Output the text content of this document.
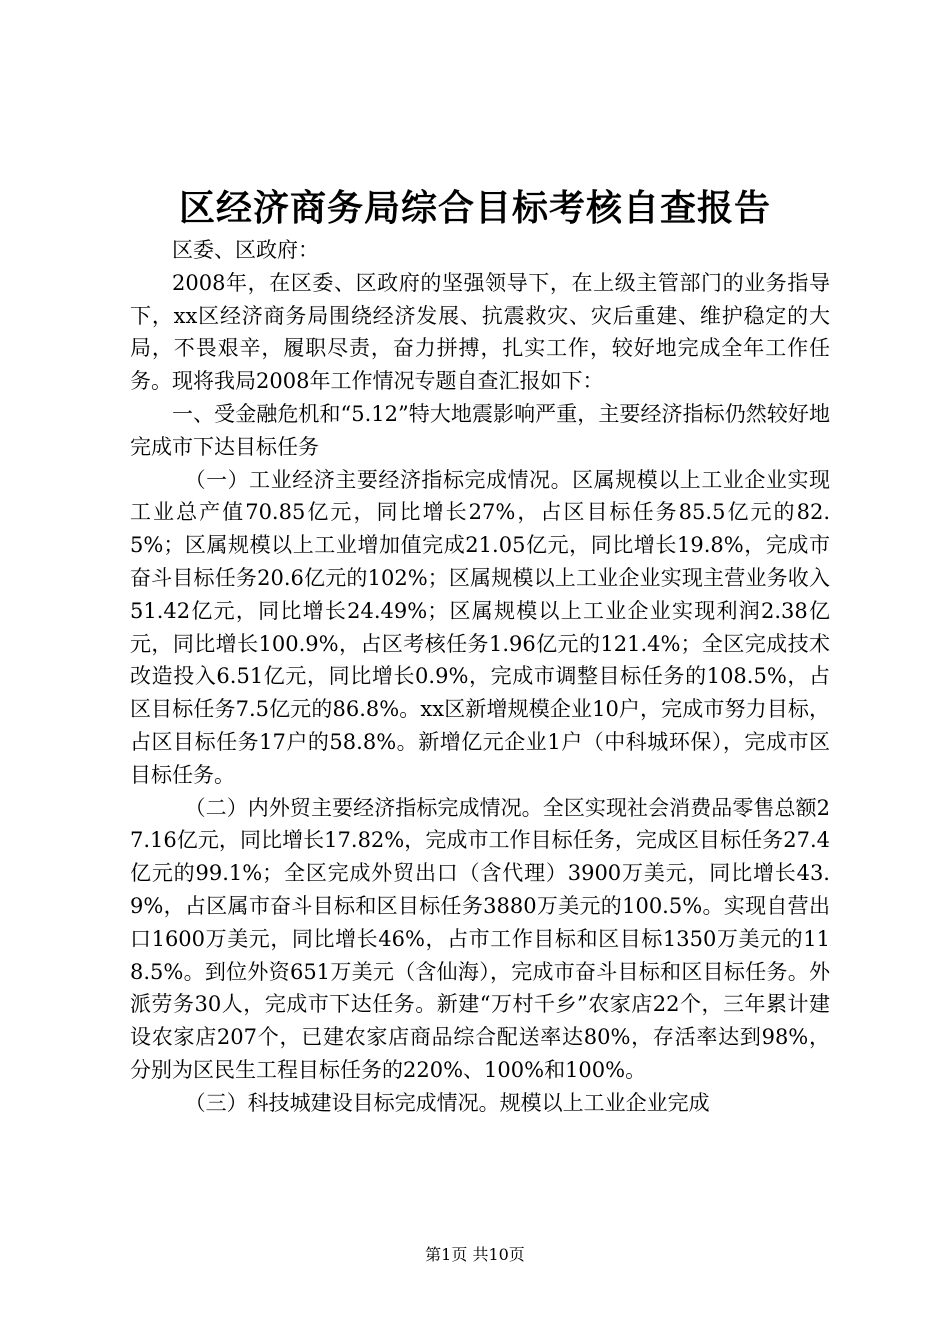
区经济商务局综合目标考核自查报告

区委、区政府：

2008年，在区委、区政府的坚强领导下，在上级主管部门的业务指导下，xx区经济商务局围绕经济发展、抗震救灾、灾后重建、维护稳定的大局，不畏艰辛，履职尽责，奋力拼搏，扎实工作，较好地完成全年工作任务。现将我局2008年工作情况专题自查汇报如下：

一、受金融危机和“5.12”特大地震影响严重，主要经济指标仍然较好地完成市下达目标任务

（一）工业经济主要经济指标完成情况。区属规模以上工业企业实现工业总产值70.85亿元，同比增长27%，占区目标任务85.5亿元的82.5%；区属规模以上工业增加值完成21.05亿元，同比增长19.8%，完成市奋斗目标任务20.6亿元的102%；区属规模以上工业企业实现主营业务收入51.42亿元，同比增长24.49%；区属规模以上工业企业实现利润2.38亿元，同比增长100.9%，占区考核任务1.96亿元的121.4%；全区完成技术改造投入6.51亿元，同比增长0.9%，完成市调整目标任务的108.5%，占区目标任务7.5亿元的86.8%。xx区新增规模企业10户，完成市努力目标，占区目标任务17户的58.8%。新增亿元企业1户（中科城环保），完成市区目标任务。

（二）内外贸主要经济指标完成情况。全区实现社会消费品零售总额27.16亿元，同比增长17.82%，完成市工作目标任务，完成区目标任务27.4亿元的99.1%；全区完成外贸出口（含代理）3900万美元，同比增长43.9%，占区属市奋斗目标和区目标任务3880万美元的100.5%。实现自营出口1600万美元，同比增长46%，占市工作目标和区目标1350万美元的118.5%。到位外资651万美元（含仙海），完成市奋斗目标和区目标任务。外派劳务30人，完成市下达任务。新建“万村千乡”农家店22个，三年累计建设农家店207个，已建农家店商品综合配送率达80%，存活率达到98%，分别为区民生工程目标任务的220%、100%和100%。

（三）科技城建设目标完成情况。规模以上工业企业完成

第1页 共10页
